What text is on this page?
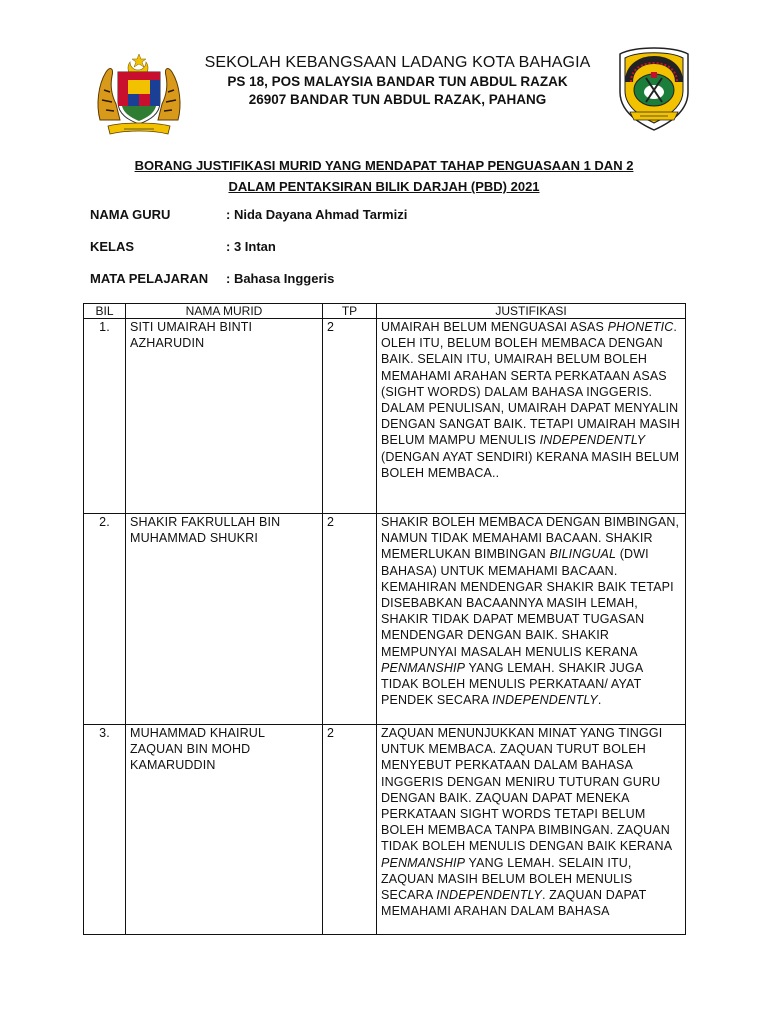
SEKOLAH KEBANGSAAN LADANG KOTA BAHAGIA
PS 18, POS MALAYSIA BANDAR TUN ABDUL RAZAK
26907 BANDAR TUN ABDUL RAZAK, PAHANG
BORANG JUSTIFIKASI MURID YANG MENDAPAT TAHAP PENGUASAAN 1 DAN 2
DALAM PENTAKSIRAN BILIK DARJAH (PBD) 2021
NAMA GURU	: Nida Dayana Ahmad Tarmizi
KELAS	: 3 Intan
MATA PELAJARAN	: Bahasa Inggeris
BIL	NAMA MURID	TP	JUSTIFIKASI
1.	SITI UMAIRAH BINTI AZHARUDIN	2	UMAIRAH BELUM MENGUASAI ASAS PHONETIC. OLEH ITU, BELUM BOLEH MEMBACA DENGAN BAIK. SELAIN ITU, UMAIRAH BELUM BOLEH MEMAHAMI ARAHAN SERTA PERKATAAN ASAS (SIGHT WORDS) DALAM BAHASA INGGERIS. DALAM PENULISAN, UMAIRAH DAPAT MENYALIN DENGAN SANGAT BAIK. TETAPI UMAIRAH MASIH BELUM MAMPU MENULIS INDEPENDENTLY (DENGAN AYAT SENDIRI) KERANA MASIH BELUM BOLEH MEMBACA..
2.	SHAKIR FAKRULLAH BIN MUHAMMAD SHUKRI	2	SHAKIR BOLEH MEMBACA DENGAN BIMBINGAN, NAMUN TIDAK MEMAHAMI BACAAN. SHAKIR MEMERLUKAN BIMBINGAN BILINGUAL (DWI BAHASA) UNTUK MEMAHAMI BACAAN. KEMAHIRAN MENDENGAR SHAKIR BAIK TETAPI DISEBABKAN BACAANNYA MASIH LEMAH, SHAKIR TIDAK DAPAT MEMBUAT TUGASAN MENDENGAR DENGAN BAIK. SHAKIR MEMPUNYAI MASALAH MENULIS KERANA PENMANSHIP YANG LEMAH. SHAKIR JUGA TIDAK BOLEH MENULIS PERKATAAN/ AYAT PENDEK SECARA INDEPENDENTLY.
3.	MUHAMMAD KHAIRUL ZAQUAN BIN MOHD KAMARUDDIN	2	ZAQUAN MENUNJUKKAN MINAT YANG TINGGI UNTUK MEMBACA. ZAQUAN TURUT BOLEH MENYEBUT PERKATAAN DALAM BAHASA INGGERIS DENGAN MENIRU TUTURAN GURU DENGAN BAIK. ZAQUAN DAPAT MENEKA PERKATAAN SIGHT WORDS TETAPI BELUM BOLEH MEMBACA TANPA BIMBINGAN. ZAQUAN TIDAK BOLEH MENULIS DENGAN BAIK KERANA PENMANSHIP YANG LEMAH. SELAIN ITU, ZAQUAN MASIH BELUM BOLEH MENULIS SECARA INDEPENDENTLY. ZAQUAN DAPAT MEMAHAMI ARAHAN DALAM BAHASA
